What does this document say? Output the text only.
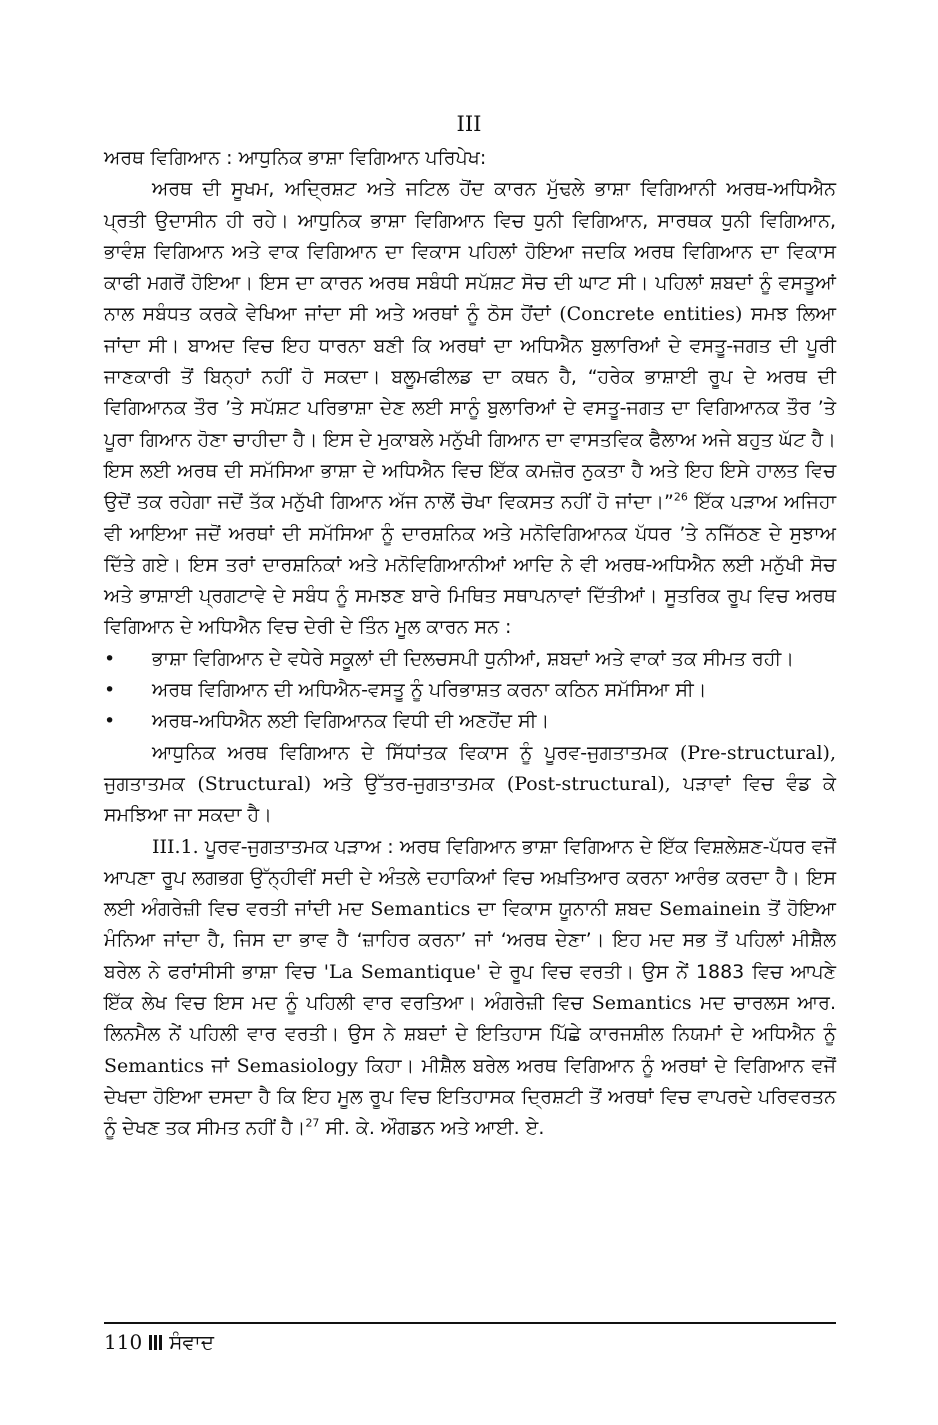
III

ਅਰਥ ਵਿਗਿਆਨ : ਆਧੁਨਿਕ ਭਾਸ਼ਾ ਵਿਗਿਆਨ ਪਰਿਪੇਖ:

ਅਰਥ ਦੀ ਸੂਖਮ, ਅਦ੍ਰਿਸ਼ਟ ਅਤੇ ਜਟਿਲ ਹੋਂਦ ਕਾਰਨ ਮੁੱਢਲੇ ਭਾਸ਼ਾ ਵਿਗਿਆਨੀ ਅਰਥ-ਅਧਿਐਨ ਪ੍ਰਤੀ ਉਦਾਸੀਨ ਹੀ ਰਹੇ। ਆਧੁਨਿਕ ਭਾਸ਼ਾ ਵਿਗਿਆਨ ਵਿਚ ਧੁਨੀ ਵਿਗਿਆਨ, ਸਾਰਥਕ ਧੁਨੀ ਵਿਗਿਆਨ, ਭਾਵੰਸ਼ ਵਿਗਿਆਨ ਅਤੇ ਵਾਕ ਵਿਗਿਆਨ ਦਾ ਵਿਕਾਸ ਪਹਿਲਾਂ ਹੋਇਆ ਜਦਕਿ ਅਰਥ ਵਿਗਿਆਨ ਦਾ ਵਿਕਾਸ ਕਾਫੀ ਮਗਰੋਂ ਹੋਇਆ। ਇਸ ਦਾ ਕਾਰਨ ਅਰਥ ਸਬੰਧੀ ਸਪੱਸ਼ਟ ਸੋਚ ਦੀ ਘਾਟ ਸੀ। ਪਹਿਲਾਂ ਸ਼ਬਦਾਂ ਨੂੰ ਵਸਤੂਆਂ ਨਾਲ ਸਬੰਧਤ ਕਰਕੇ ਵੇਖਿਆ ਜਾਂਦਾ ਸੀ ਅਤੇ ਅਰਥਾਂ ਨੂੰ ਠੋਸ ਹੋਂਦਾਂ (Concrete entities) ਸਮਝ ਲਿਆ ਜਾਂਦਾ ਸੀ। ਬਾਅਦ ਵਿਚ ਇਹ ਧਾਰਨਾ ਬਣੀ ਕਿ ਅਰਥਾਂ ਦਾ ਅਧਿਐਨ ਬੁਲਾਰਿਆਂ ਦੇ ਵਸਤੂ-ਜਗਤ ਦੀ ਪੂਰੀ ਜਾਣਕਾਰੀ ਤੋਂ ਬਿਨ੍ਹਾਂ ਨਹੀਂ ਹੋ ਸਕਦਾ। ਬਲੂਮਫੀਲਡ ਦਾ ਕਥਨ ਹੈ, “ਹਰੇਕ ਭਾਸ਼ਾਈ ਰੂਪ ਦੇ ਅਰਥ ਦੀ ਵਿਗਿਆਨਕ ਤੌਰ ’ਤੇ ਸਪੱਸ਼ਟ ਪਰਿਭਾਸ਼ਾ ਦੇਣ ਲਈ ਸਾਨੂੰ ਬੁਲਾਰਿਆਂ ਦੇ ਵਸਤੂ-ਜਗਤ ਦਾ ਵਿਗਿਆਨਕ ਤੌਰ ’ਤੇ ਪੂਰਾ ਗਿਆਨ ਹੋਣਾ ਚਾਹੀਦਾ ਹੈ। ਇਸ ਦੇ ਮੁਕਾਬਲੇ ਮਨੁੱਖੀ ਗਿਆਨ ਦਾ ਵਾਸਤਵਿਕ ਫੈਲਾਅ ਅਜੇ ਬਹੁਤ ਘੱਟ ਹੈ। ਇਸ ਲਈ ਅਰਥ ਦੀ ਸਮੱਸਿਆ ਭਾਸ਼ਾ ਦੇ ਅਧਿਐਨ ਵਿਚ ਇੱਕ ਕਮਜ਼ੋਰ ਨੁਕਤਾ ਹੈ ਅਤੇ ਇਹ ਇਸੇ ਹਾਲਤ ਵਿਚ ਉਦੋਂ ਤਕ ਰਹੇਗਾ ਜਦੋਂ ਤੱਕ ਮਨੁੱਖੀ ਗਿਆਨ ਅੱਜ ਨਾਲੋਂ ਚੋਖਾ ਵਿਕਸਤ ਨਹੀਂ ਹੋ ਜਾਂਦਾ।”$^{26}$ ਇੱਕ ਪੜਾਅ ਅਜਿਹਾ ਵੀ ਆਇਆ ਜਦੋਂ ਅਰਥਾਂ ਦੀ ਸਮੱਸਿਆ ਨੂੰ ਦਾਰਸ਼ਨਿਕ ਅਤੇ ਮਨੋਵਿਗਿਆਨਕ ਪੱਧਰ ’ਤੇ ਨਜਿੱਠਣ ਦੇ ਸੁਝਾਅ ਦਿੱਤੇ ਗਏ। ਇਸ ਤਰਾਂ ਦਾਰਸ਼ਨਿਕਾਂ ਅਤੇ ਮਨੋਵਿਗਿਆਨੀਆਂ ਆਦਿ ਨੇ ਵੀ ਅਰਥ-ਅਧਿਐਨ ਲਈ ਮਨੁੱਖੀ ਸੋਚ ਅਤੇ ਭਾਸ਼ਾਈ ਪ੍ਰਗਟਾਵੇ ਦੇ ਸਬੰਧ ਨੂੰ ਸਮਝਣ ਬਾਰੇ ਮਿਥਿਤ ਸਥਾਪਨਾਵਾਂ ਦਿੱਤੀਆਂ। ਸੂਤਰਿਕ ਰੂਪ ਵਿਚ ਅਰਥ ਵਿਗਿਆਨ ਦੇ ਅਧਿਐਨ ਵਿਚ ਦੇਰੀ ਦੇ ਤਿੰਨ ਮੂਲ ਕਾਰਨ ਸਨ :

•	ਭਾਸ਼ਾ ਵਿਗਿਆਨ ਦੇ ਵਧੇਰੇ ਸਕੂਲਾਂ ਦੀ ਦਿਲਚਸਪੀ ਧੁਨੀਆਂ, ਸ਼ਬਦਾਂ ਅਤੇ ਵਾਕਾਂ ਤਕ ਸੀਮਤ ਰਹੀ।
•	ਅਰਥ ਵਿਗਿਆਨ ਦੀ ਅਧਿਐਨ-ਵਸਤੂ ਨੂੰ ਪਰਿਭਾਸ਼ਤ ਕਰਨਾ ਕਠਿਨ ਸਮੱਸਿਆ ਸੀ।
•	ਅਰਥ-ਅਧਿਐਨ ਲਈ ਵਿਗਿਆਨਕ ਵਿਧੀ ਦੀ ਅਣਹੋਂਦ ਸੀ।

ਆਧੁਨਿਕ ਅਰਥ ਵਿਗਿਆਨ ਦੇ ਸਿੱਧਾਂਤਕ ਵਿਕਾਸ ਨੂੰ ਪੂਰਵ-ਜੁਗਤਾਤਮਕ (Pre-structural), ਜੁਗਤਾਤਮਕ (Structural) ਅਤੇ ਉੱਤਰ-ਜੁਗਤਾਤਮਕ (Post-structural), ਪੜਾਵਾਂ ਵਿਚ ਵੰਡ ਕੇ ਸਮਝਿਆ ਜਾ ਸਕਦਾ ਹੈ।

III.1. ਪੂਰਵ-ਜੁਗਤਾਤਮਕ ਪੜਾਅ : ਅਰਥ ਵਿਗਿਆਨ ਭਾਸ਼ਾ ਵਿਗਿਆਨ ਦੇ ਇੱਕ ਵਿਸ਼ਲੇਸ਼ਣ-ਪੱਧਰ ਵਜੋਂ ਆਪਣਾ ਰੂਪ ਲਗਭਗ ਉੱਨ੍ਹੀਵੀਂ ਸਦੀ ਦੇ ਅੰਤਲੇ ਦਹਾਕਿਆਂ ਵਿਚ ਅਖ਼ਤਿਆਰ ਕਰਨਾ ਆਰੰਭ ਕਰਦਾ ਹੈ। ਇਸ ਲਈ ਅੰਗਰੇਜ਼ੀ ਵਿਚ ਵਰਤੀ ਜਾਂਦੀ ਮਦ Semantics ਦਾ ਵਿਕਾਸ ਯੂਨਾਨੀ ਸ਼ਬਦ Semainein ਤੋਂ ਹੋਇਆ ਮੰਨਿਆ ਜਾਂਦਾ ਹੈ, ਜਿਸ ਦਾ ਭਾਵ ਹੈ ‘ਜ਼ਾਹਿਰ ਕਰਨਾ’ ਜਾਂ ‘ਅਰਥ ਦੇਣਾ’। ਇਹ ਮਦ ਸਭ ਤੋਂ ਪਹਿਲਾਂ ਮੀਸ਼ੈਲ ਬਰੇਲ ਨੇ ਫਰਾਂਸੀਸੀ ਭਾਸ਼ਾ ਵਿਚ 'La Semantique' ਦੇ ਰੂਪ ਵਿਚ ਵਰਤੀ। ਉਸ ਨੇਂ 1883 ਵਿਚ ਆਪਣੇ ਇੱਕ ਲੇਖ ਵਿਚ ਇਸ ਮਦ ਨੂੰ ਪਹਿਲੀ ਵਾਰ ਵਰਤਿਆ। ਅੰਗਰੇਜ਼ੀ ਵਿਚ Semantics ਮਦ ਚਾਰਲਸ ਆਰ. ਲਿਨਮੈਲ ਨੇਂ ਪਹਿਲੀ ਵਾਰ ਵਰਤੀ। ਉਸ ਨੇ ਸ਼ਬਦਾਂ ਦੇ ਇਤਿਹਾਸ ਪਿੱਛੇ ਕਾਰਜਸ਼ੀਲ ਨਿਯਮਾਂ ਦੇ ਅਧਿਐਨ ਨੂੰ Semantics ਜਾਂ Semasiology ਕਿਹਾ। ਮੀਸ਼ੈਲ ਬਰੇਲ ਅਰਥ ਵਿਗਿਆਨ ਨੂੰ ਅਰਥਾਂ ਦੇ ਵਿਗਿਆਨ ਵਜੋਂ ਦੇਖਦਾ ਹੋਇਆ ਦਸਦਾ ਹੈ ਕਿ ਇਹ ਮੂਲ ਰੂਪ ਵਿਚ ਇਤਿਹਾਸਕ ਦ੍ਰਿਸ਼ਟੀ ਤੋਂ ਅਰਥਾਂ ਵਿਚ ਵਾਪਰਦੇ ਪਰਿਵਰਤਨ ਨੂੰ ਦੇਖਣ ਤਕ ਸੀਮਤ ਨਹੀਂ ਹੈ।$^{27}$ ਸੀ. ਕੇ. ਔਗਡਨ ਅਤੇ ਆਈ. ਏ.

110 ਸੰਵਾਦ
